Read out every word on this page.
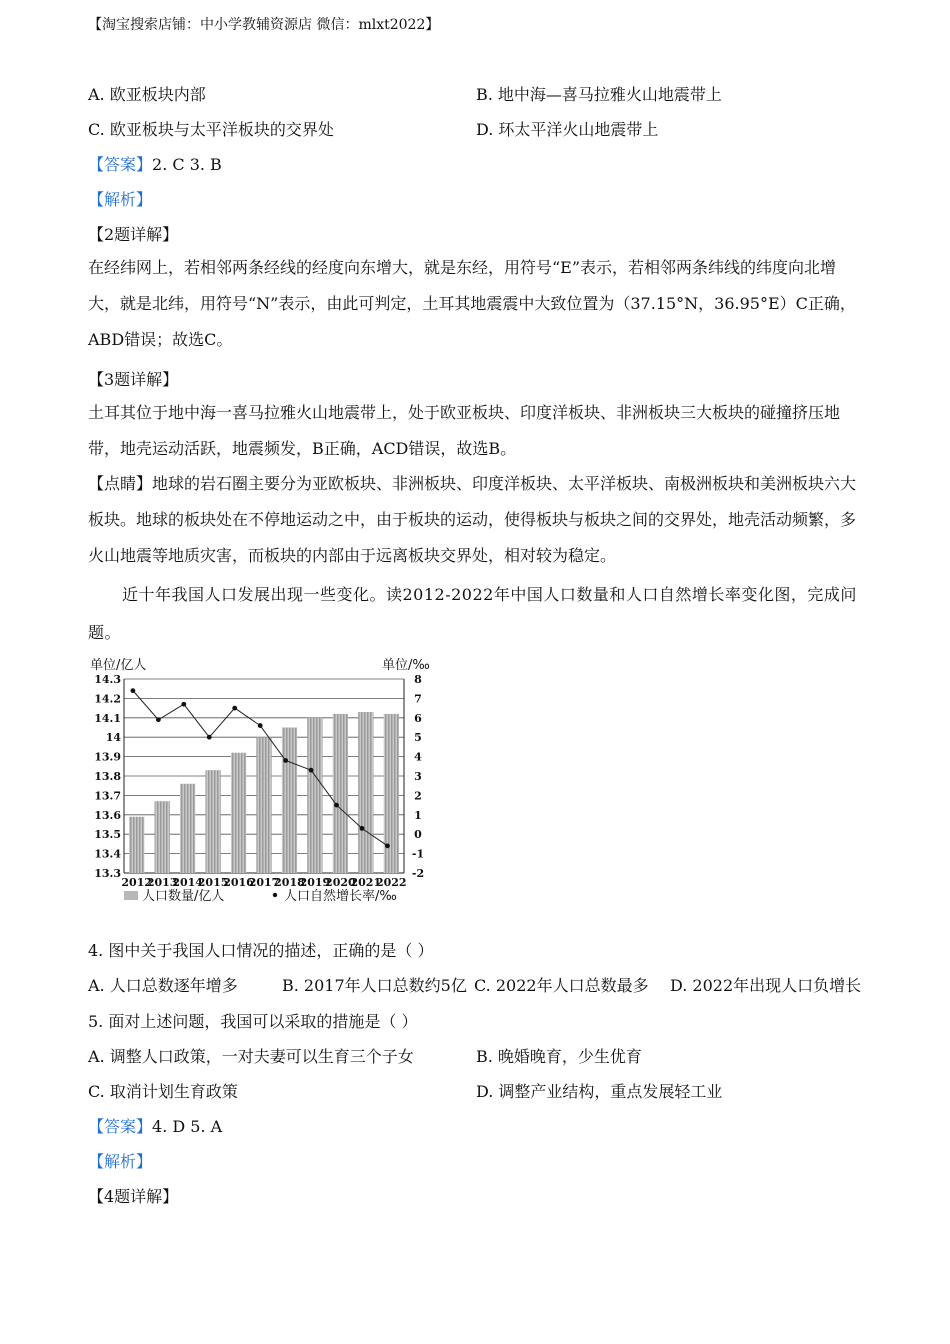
【淘宝搜索店铺：中小学教辅资源店 微信：mlxt2022】
A. 欧亚板块内部	B. 地中海—喜马拉雅火山地震带上
C. 欧亚板块与太平洋板块的交界处	D. 环太平洋火山地震带上
【答案】2. C 3. B
【解析】
【2题详解】
在经纬网上，若相邻两条经线的经度向东增大，就是东经，用符号“E”表示，若相邻两条纬线的纬度向北增大，就是北纬，用符号“N”表示，由此可判定，土耳其地震震中大致位置为（37.15°N，36.95°E）C正确，ABD错误；故选C。
【3题详解】
土耳其位于地中海一喜马拉雅火山地震带上，处于欧亚板块、印度洋板块、非洲板块三大板块的碰撞挤压地带，地壳运动活跃，地震频发，B正确，ACD错误，故选B。
【点睛】地球的岩石圈主要分为亚欧板块、非洲板块、印度洋板块、太平洋板块、南极洲板块和美洲板块六大板块。地球的板块处在不停地运动之中，由于板块的运动，使得板块与板块之间的交界处，地壳活动频繁，多火山地震等地质灾害，而板块的内部由于远离板块交界处，相对较为稳定。
近十年我国人口发展出现一些变化。读2012-2022年中国人口数量和人口自然增长率变化图，完成问题。
单位/亿人	单位/‰
13.3
13.4
13.5
13.6
13.7
13.8
13.9
14
14.1
14.2
14.3
-2
-1
0
1
2
3
4
5
6
7
8
2012
2013
2014
2015
2016
2017
2018
2019
2020
2021
2022
人口数量/亿人	人口自然增长率/‰
4. 图中关于我国人口情况的描述，正确的是（ ）
A. 人口总数逐年增多	B. 2017年人口总数约5亿 C. 2022年人口总数最多 D. 2022年出现人口负增长
5. 面对上述问题，我国可以采取的措施是（ ）
A. 调整人口政策，一对夫妻可以生育三个子女	B. 晚婚晚育，少生优育
C. 取消计划生育政策	D. 调整产业结构，重点发展轻工业
【答案】4. D 5. A
【解析】
【4题详解】
